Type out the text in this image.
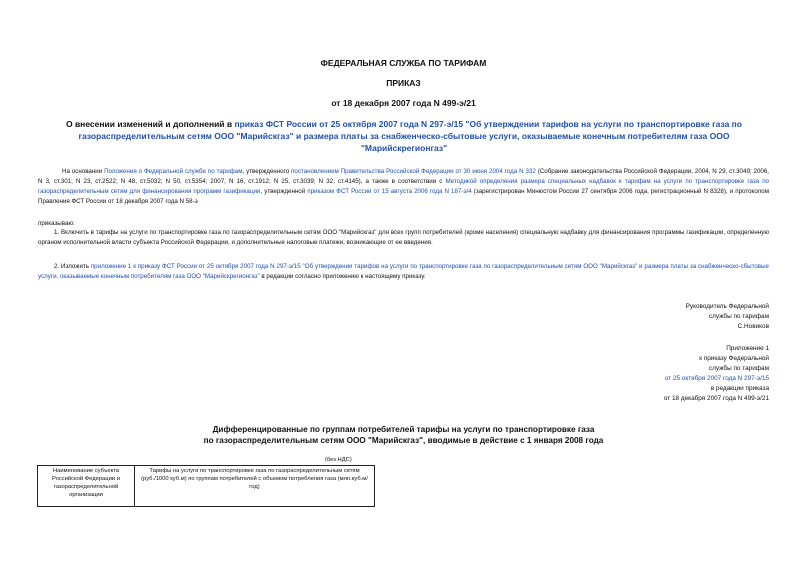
ФЕДЕРАЛЬНАЯ СЛУЖБА ПО ТАРИФАМ
ПРИКАЗ
от 18 декабря 2007 года N 499-э/21
О внесении изменений и дополнений в приказ ФСТ России от 25 октября 2007 года N 297-э/15 "Об утверждении тарифов на услуги по транспортировке газа по газораспределительным сетям ООО "Марийскгаз" и размера платы за снабженческо-сбытовые услуги, оказываемые конечным потребителям газа ООО "Марийскрегионгаз"
На основании Положения о Федеральной службе по тарифам, утвержденного постановлением Правительства Российской Федерации от 30 июня 2004 года N 332 (Собрание законодательства Российской Федерации, 2004, N 29, ст.3049; 2006, N 3, ст.301; N 23, ст.2522; N 48, ст.5032; N 50, ст.5354; 2007, N 16, ст.1912; N 25, ст.3039; N 32, ст.4145), а также в соответствии с Методикой определения размера специальных надбавок к тарифам на услуги по транспортировке газа по газораспределительным сетям для финансирования программ газификации, утвержденной приказом ФСТ России от 15 августа 2006 года N 187-э/4 (зарегистрирован Минюстом России 27 сентября 2006 года, регистрационный N 8328), и протоколом Правления ФСТ России от 18 декабря 2007 года N 58-э
приказываю:
1. Включить в тарифы на услуги по транспортировке газа по газораспределительным сетям ООО "Марийскгаз" для всех групп потребителей (кроме населения) специальную надбавку для финансирования программы газификации, определенную органом исполнительной власти субъекта Российской Федерации, и дополнительные налоговые платежи, возникающие от ее введения.
2. Изложить приложение 1 к приказу ФСТ России от 25 октября 2007 года N 297-э/15 "Об утверждении тарифов на услуги по транспортировке газа по газораспределительным сетям ООО "Марийскгаз" и размера платы за снабженческо-сбытовые услуги, оказываемые конечным потребителям газа ООО "Марийскрегионгаз" в редакции согласно приложению к настоящему приказу.
Руководитель Федеральной
службы по тарифам
С.Новиков
Приложение 1
к приказу Федеральной
службы по тарифам
от 25 октября 2007 года N 297-э/15
в редакции приказа
от 18 декабря 2007 года N 499-э/21
Дифференцированные по группам потребителей тарифы на услуги по транспортировке газа
по газораспределительным сетям ООО "Марийскгаз", вводимые в действие с 1 января 2008 года
(без НДС)
Наименование субъекта Российской Федерации и газораспределительной организации	Тарифы на услуги по транспортировке газа по газораспределительным сетям (руб./1000 куб.м) по группам потребителей с объемом потребления газа (млн.куб.м/год)
